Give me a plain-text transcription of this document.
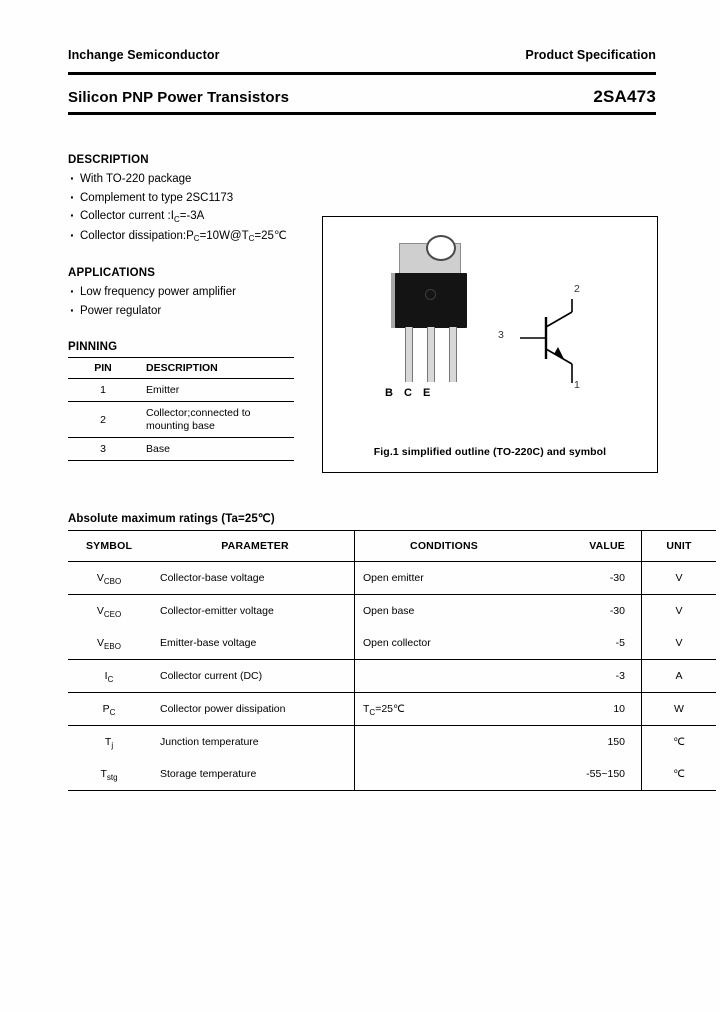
Inchange Semiconductor	Product Specification
Silicon PNP Power Transistors	2SA473
DESCRIPTION
· With TO-220 package
· Complement to type 2SC1173
· Collector current $:I_C=-3A$
· Collector $dissipation:P_C=10W@T_C=25℃$
APPLICATIONS
· Low frequency power amplifier
· Power regulator
PINNING
PIN	DESCRIPTION
1	Emitter
2	Collector;connected to
mounting base
3	Base
B C E
2
3
1
Fig.1 simplified outline (TO-220C) and symbol
Absolute maximum ratings (Ta=25℃)
SYMBOL	PARAMETER	CONDITIONS	VALUE	UNIT
$V_{CBO}$	Collector-base voltage	Open emitter	-30	V
$V_{CEO}$	Collector-emitter voltage	Open base	-30	V
$V_{EBO}$	Emitter-base voltage	Open collector	-5	V
$I_C$	Collector current (DC)		-3	A
$P_C$	Collector power dissipation	$T_C=25℃$	10	W
$T_j$	Junction temperature		150	℃
$T_{stg}$	Storage temperature		-55~150	℃
